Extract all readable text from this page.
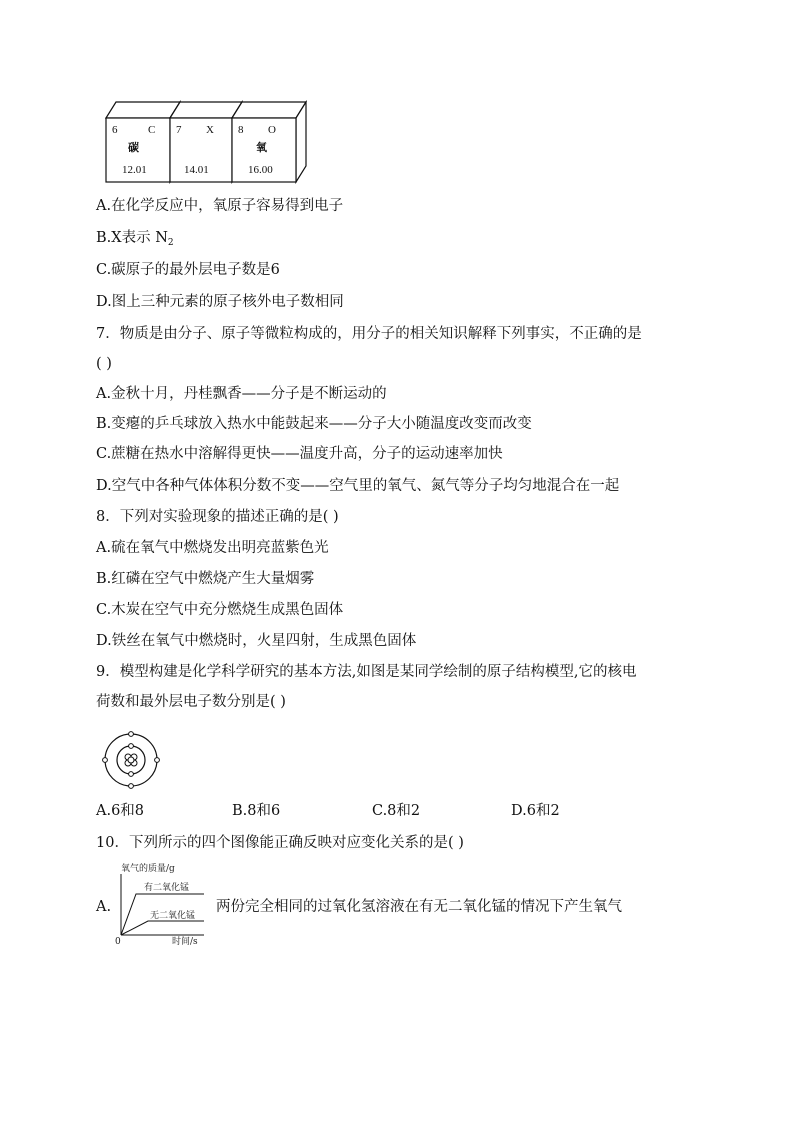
6	C
碳
12.01
7 X
14.01
8 O
氧
16.00
A.在化学反应中，氧原子容易得到电子
B.X表示 $N_2$
C.碳原子的最外层电子数是6
D.图上三种元素的原子核外电子数相同
7．物质是由分子、原子等微粒构成的，用分子的相关知识解释下列事实，不正确的是
( )
A.金秋十月，丹桂飘香——分子是不断运动的
B.变瘪的乒乓球放入热水中能鼓起来——分子大小随温度改变而改变
C.蔗糖在热水中溶解得更快——温度升高，分子的运动速率加快
D.空气中各种气体体积分数不变——空气里的氧气、氮气等分子均匀地混合在一起
8．下列对实验现象的描述正确的是( )
A.硫在氧气中燃烧发出明亮蓝紫色光
B.红磷在空气中燃烧产生大量烟雾
C.木炭在空气中充分燃烧生成黑色固体
D.铁丝在氧气中燃烧时，火星四射，生成黑色固体
9．模型构建是化学科学研究的基本方法,如图是某同学绘制的原子结构模型,它的核电
荷数和最外层电子数分别是( )
A.6和8	B.8和6	C.8和2	D.6和2
10．下列所示的四个图像能正确反映对应变化关系的是( )
A.
氧气的质量/g
有二氧化锰
无二氧化锰
0	时间/s
两份完全相同的过氧化氢溶液在有无二氧化锰的情况下产生氧气
